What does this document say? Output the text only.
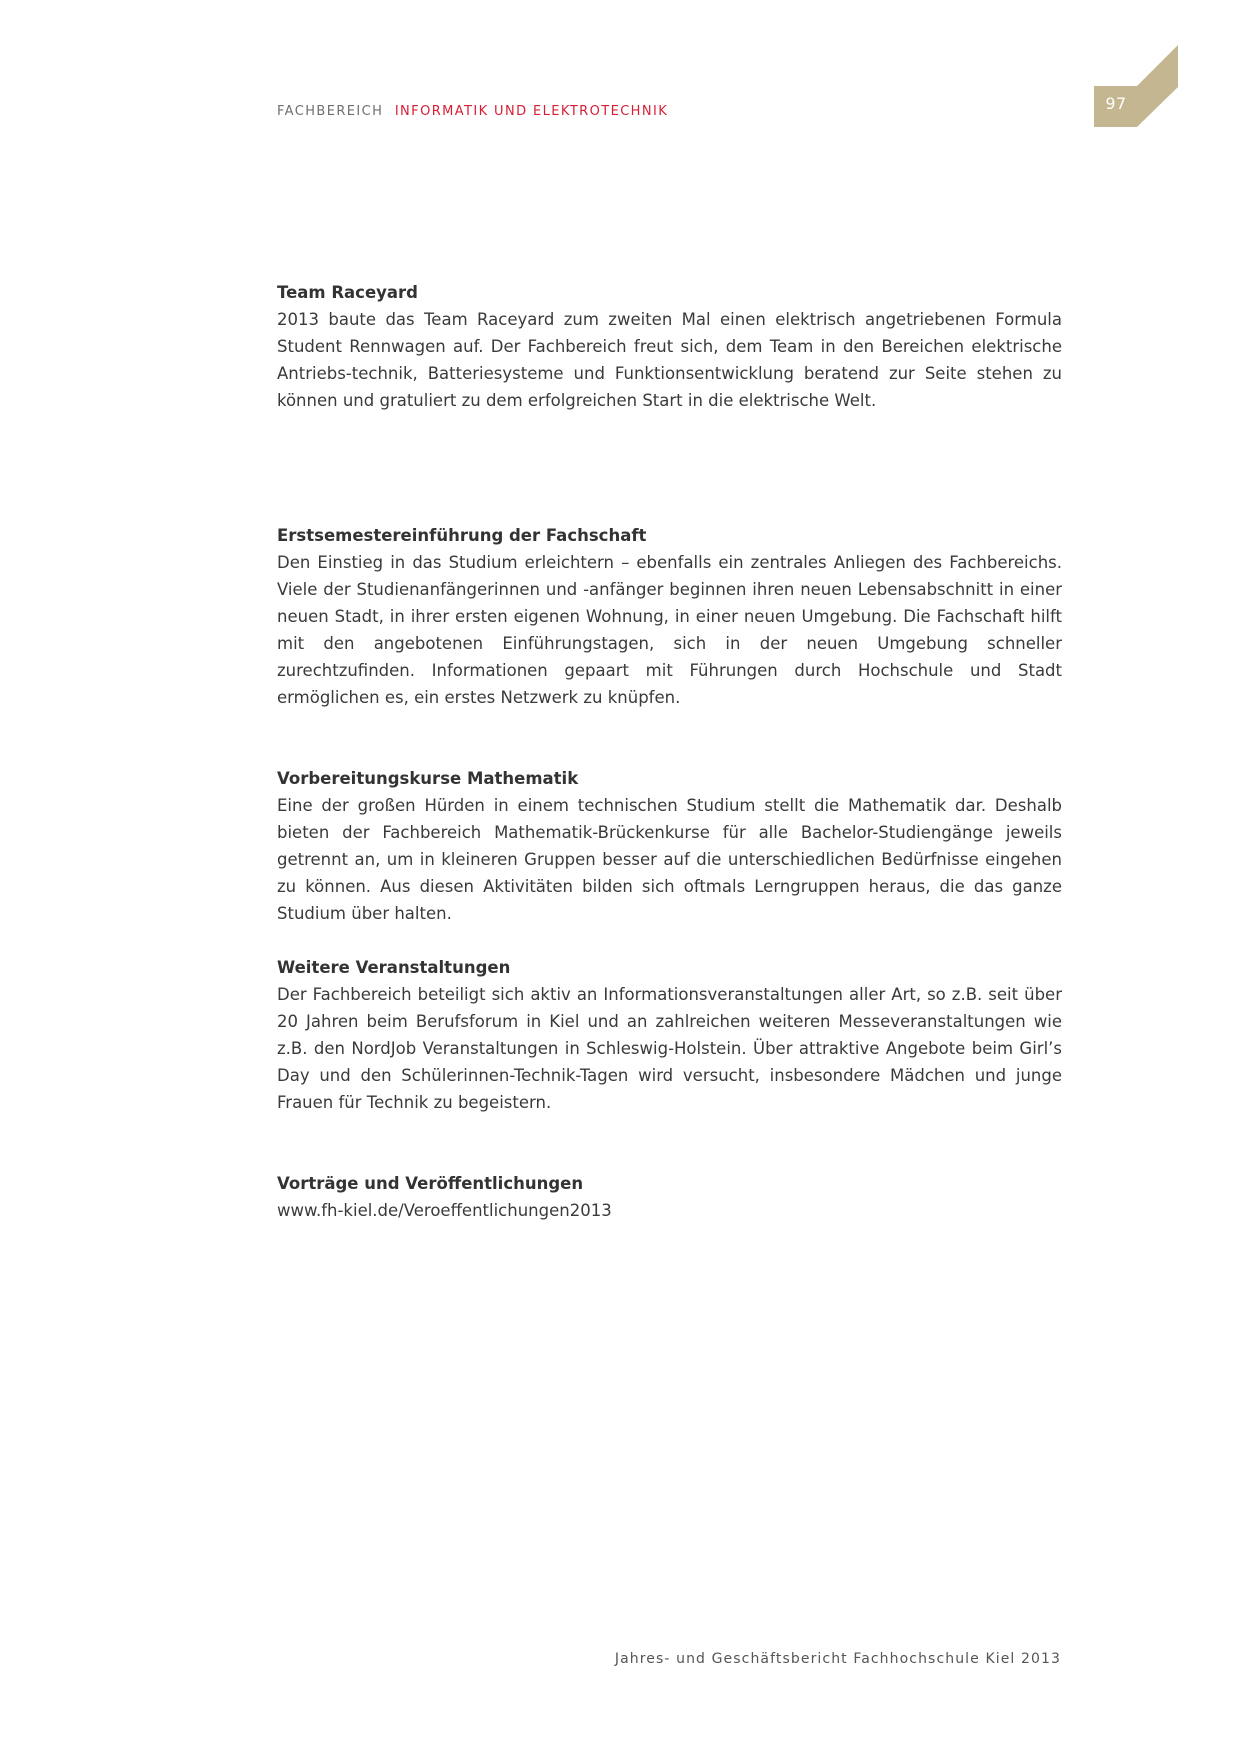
FACHBEREICH INFORMATIK UND ELEKTROTECHNIK	97
Team Raceyard

2013 baute das Team Raceyard zum zweiten Mal einen elektrisch angetriebenen Formula Student Rennwagen auf. Der Fachbereich freut sich, dem Team in den Bereichen elektrische Antriebs-technik, Batteriesysteme und Funktionsentwicklung beratend zur Seite stehen zu können und gratuliert zu dem erfolgreichen Start in die elektrische Welt.

Erstsemestereinführung der Fachschaft

Den Einstieg in das Studium erleichtern – ebenfalls ein zentrales Anliegen des Fachbereichs. Viele der Studienanfängerinnen und -anfänger beginnen ihren neuen Lebensabschnitt in einer neuen Stadt, in ihrer ersten eigenen Wohnung, in einer neuen Umgebung. Die Fachschaft hilft mit den angebotenen Einführungstagen, sich in der neuen Umgebung schneller zurechtzufinden. Informationen gepaart mit Führungen durch Hochschule und Stadt ermöglichen es, ein erstes Netzwerk zu knüpfen.

Vorbereitungskurse Mathematik

Eine der großen Hürden in einem technischen Studium stellt die Mathematik dar. Deshalb bieten der Fachbereich Mathematik-Brückenkurse für alle Bachelor-Studiengänge jeweils getrennt an, um in kleineren Gruppen besser auf die unterschiedlichen Bedürfnisse eingehen zu können. Aus diesen Aktivitäten bilden sich oftmals Lerngruppen heraus, die das ganze Studium über halten.

Weitere Veranstaltungen

Der Fachbereich beteiligt sich aktiv an Informationsveranstaltungen aller Art, so z.B. seit über 20 Jahren beim Berufsforum in Kiel und an zahlreichen weiteren Messeveranstaltungen wie z.B. den NordJob Veranstaltungen in Schleswig-Holstein. Über attraktive Angebote beim Girl’s Day und den Schülerinnen-Technik-Tagen wird versucht, insbesondere Mädchen und junge Frauen für Technik zu begeistern.

Vorträge und Veröffentlichungen

www.fh-kiel.de/Veroeffentlichungen2013

Jahres- und Geschäftsbericht Fachhochschule Kiel 2013
